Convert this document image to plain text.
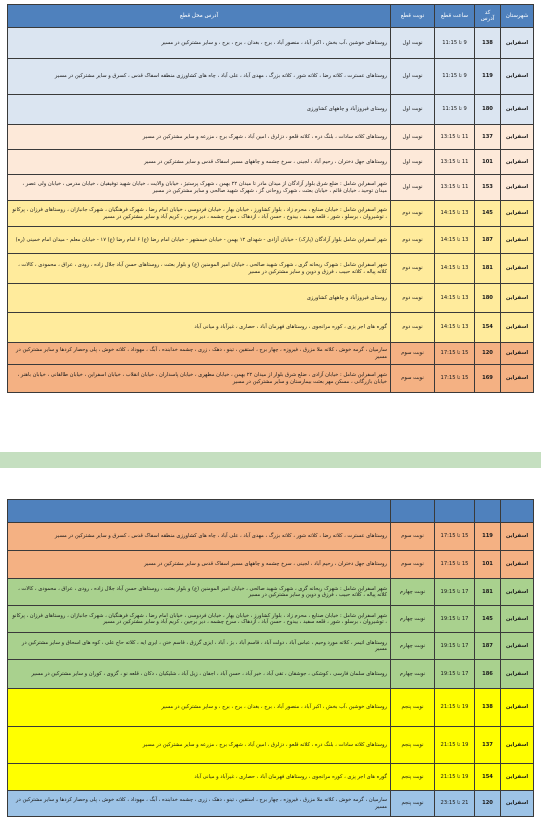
شهرستان	کد آدرس	ساعت قطع	نوبت قطع	آدرس محل قطع
اسفراین	138	9 تا 11:15	نوبت اول	روستاهای خوشین ،آب بخش ، اکبر آباد ، منصور آباد ، برج ، بغدان ، برج ، برج ، و سایر مشترکین در مسیر
اسفراین	119	9 تا 11:15	نوبت اول	روستاهای عسترت ، کلاته رضا ، کلاته شور ، کلاته بزرگ ، مهدی آباد ، علی آباد ، چاه های کشاورزی منطقه اسفاک قدس ، کسرق و سایر مشترکین در مسیر
اسفراین	180	9 تا 11:15	نوبت اول	روستای فیروزآباد و چاههای کشاورزی
اسفراین	137	11 تا 13:15	نوبت اول	روستاهای کلاته سادات ، بلنگ دره ، کلاته قلعو ، دزلرق ، امین آباد ، شهرک برج ، مزرعه و سایر مشترکین در مسیر
اسفراین	101	11 تا 13:15	نوبت اول	روستاهای جهل دختران ، رحیم آباد ، لجینی ، سرخ چشمه و چاههای مسیر اسفاک قدس و سایر مشترکین در مسیر
اسفراین	153	11 تا 13:15	نوبت اول	شهر اسفراین شامل : ضلع شرق بلوار آزادگان از میدان مادر تا میدان ۲۲ بهمن ، شهرک پرستیژ ، خیابان والایت ، خیابان شهید توفیقیان ، خیابان مدرس ، خیابان ولی عصر ، میدان توحید ، خیابان قائم ، خیابان بعثت ، شهرک روحانی گز ، شهرک شهید صالحی و سایر مشترکین در مسیر
اسفراین	145	13 تا 14:15	نوبت دوم	شهر اسفراین شامل : خیابان صنایع ، محرم زاد ، بلوار کشاورز ، خیابان بهار ، خیابان فردوسی ، خیابان امام رضا ، شهرک فرهنگیان ، شهرک جانبازان ، روستاهای فرزان ، پرکانو ، توشیروان ، برسلو ، شور ، قلعه سفید ، بیدوخ ، حسن آباد ، ازدهاک ، سرخ چشمه ، دیر برجین ، کریم آباد و سایر مشترکین در مسیر
اسفراین	187	13 تا 14:15	نوبت دوم	شهر اسفراین شامل بلوار آزادگان (پارک) - خیابان آزادی - شهدای ۱۲ بهمن - خیابان خیمشهر - خیابان امام رضا (ع) ۶ امام رضا (ع) ۱۷ - خیابان معلم - میدان امام خمینی (ره)
اسفراین	181	13 تا 14:15	نوبت دوم	شهر اسفراین شامل : شهرک ریحانه گری ، شهرک شهید صالحی ، خیابان امیر المومنین (ع) و بلوار بعثت ، روستاهای حسن آباد جلال زاده ، رودی ، عراق ، محمودی ، کالات ، کلاته پیاله ، کلاته حبیب ، فرزق و دوین و سایر مشترکین در مسیر
اسفراین	180	13 تا 14:15	نوبت دوم	روستای فیروزآباد و چاههای کشاورزی
اسفراین	154	13 تا 14:15	نوبت دوم	گوره های اجر پزی ، کوره مرانجوی ، روستاهای فهرمان آباد ، حصاری ، غیرآباد و میانی آباد
اسفراین	120	15 تا 17:15	نوبت سوم	سارمیان ، گرمه خوش ، کلاته ملا مزرق ، فیروزه ، چهار برج ، استقین ، تینو ، دهک ، زری ، چشمه خدابنده ، آبگ ، مهوداد ، کلاته خوش ، پلی وحصار کردها و سایر مشترکین در مسیر
اسفراین	169	15 تا 17:15	نوبت سوم	شهر اسفراین شامل : خیابان آزادی ، ضلع شرق بلوار از میدان ۲۲ بهمن ، خیابان مطهری ، خیابان پاسداران ، خیابان انقلاب ، خیابان اسفراین ، خیابان طالقانی ، خیابان باهنر ، خیابان بازرگانی ، مسکن مهر بعثت بیمارستان و سایر مشترکین در مسیر

اسفراین	119	15 تا 17:15	نوبت سوم	روستاهای عسترت ، کلاته رضا ، کلاته شور ، کلاته بزرگ ، مهدی آباد ، علی آباد ، چاه های کشاورزی منطقه اسفاک قدس ، کسرق و سایر مشترکین در مسیر
اسفراین	101	15 تا 17:15	نوبت سوم	روستاهای جهل دختران ، رحیم آباد ، لجینی ، سرخ چشمه و چاههای مسیر اسفاک قدس و سایر مشترکین در مسیر
اسفراین	181	17 تا 19:15	نوبت چهارم	شهر اسفراین شامل : شهرک ریحانه گری ، شهرک شهید صالحی ، خیابان امیر المومنین (ع) و بلوار بعثت ، روستاهای حسن آباد جلال زاده ، رودی ، عراق ، محمودی ، کالات ، کلاته پیاله ، کلاته حبیب ، فرزق و دوین و سایر مشترکین در مسیر
اسفراین	145	17 تا 19:15	نوبت چهارم	شهر اسفراین شامل : خیابان صنایع ، محرم زاد ، بلوار کشاورز ، خیابان بهار ، خیابان فردوسی ، خیابان امام رضا ، شهرک فرهنگیان ، شهرک جانبازان ، روستاهای فرزان ، پرکانو ، توشیروان ، برسلو ، شور ، قلعه سفید ، بیدوخ ، حسن آباد ، ازدهاک ، سرخ چشمه ، دیر برجین ، کریم آباد و سایر مشترکین در مسیر
اسفراین	187	17 تا 19:15	نوبت چهارم	روستاهای اتیمر ، کلاته مورد وحیم ، عباس آباد ، دولت آباد ، قاسم آباد ، بژ ، آباد ، ایزی گرزق ، قاسم ختن ، ایری ایه ، کلاته حاج علی ، کوه های اسحاق و سایر مشترکین در مسیر
اسفراین	186	17 تا 19:15	نوبت چهارم	روستاهای سلمان فارسی ، کوشکی ، جوشقان ، تقی آباد ، خیر آباد ، حسن آباد ، اجفان ، زیل آباد ، شلیکیان ، دکان ، قلعه نو ، گزوی ، کوران و سایر مشترکین در مسیر
اسفراین	138	19 تا 21:15	نوبت پنجم	روستاهای خوشین ،آب بخش ، اکبر آباد ، منصور آباد ، برج ، بغدان ، برج ، برج ، و سایر مشترکین در مسیر
اسفراین	137	19 تا 21:15	نوبت پنجم	روستاهای کلاته سادات ، بلنگ دره ، کلاته قلعو ، دزلرق ، امین آباد ، شهرک برج ، مزرعه و سایر مشترکین در مسیر
اسفراین	154	19 تا 21:15	نوبت پنجم	گوره های اجر پزی ، کوره مرانجوی ، روستاهای فهرمان آباد ، حصاری ، غیرآباد و میانی آباد
اسفراین	120	21 تا 23:15	نوبت پنجم	سارمیان ، گرمه خوش ، کلاته ملا مزرق ، فیروزه ، چهار برج ، استقین ، تینو ، دهک ، زری ، چشمه خدابنده ، آبگ ، مهوداد ، کلاته خوش ، پلی وحصار کردها و سایر مشترکین در مسیر
